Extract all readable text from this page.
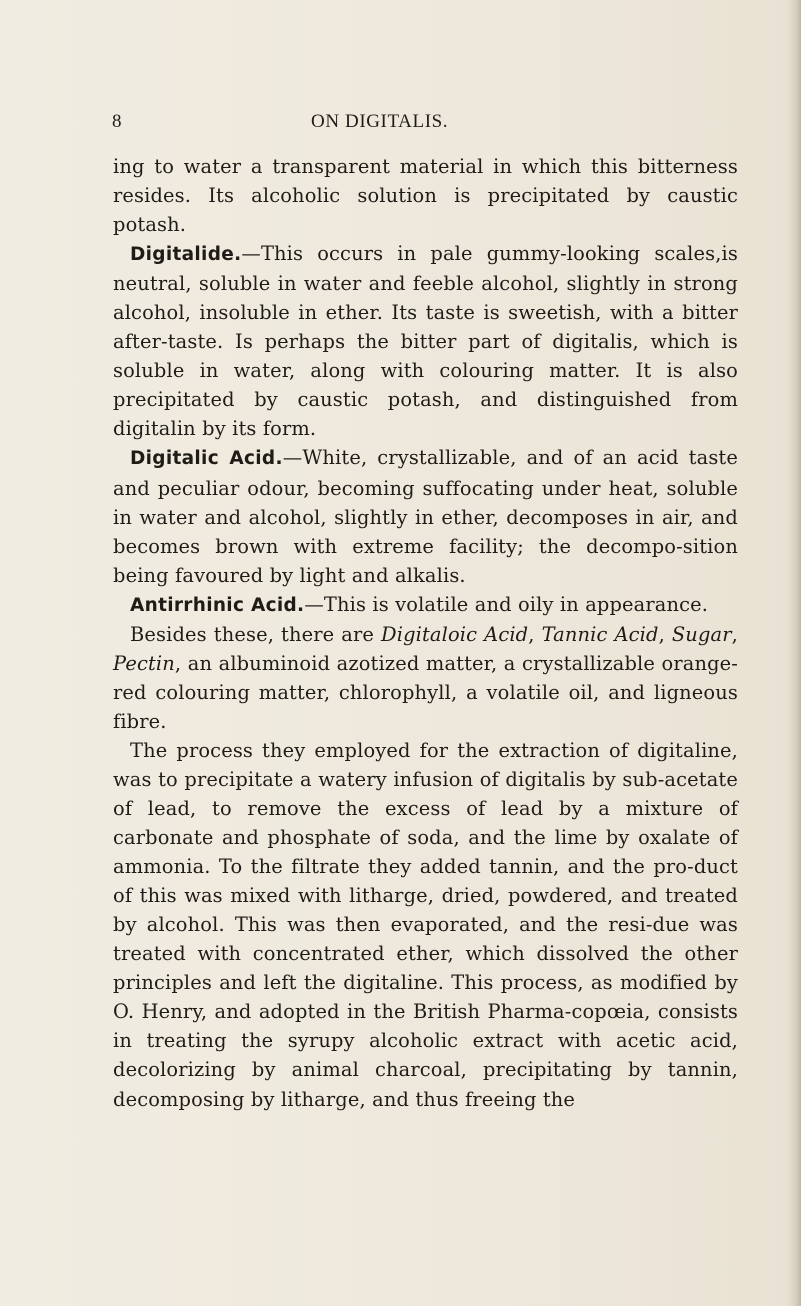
8	ON DIGITALIS.

ing to water a transparent material in which this bitterness resides. Its alcoholic solution is precipitated by caustic potash.

Digitalide.—This occurs in pale gummy-looking scales,is neutral, soluble in water and feeble alcohol, slightly in strong alcohol, insoluble in ether. Its taste is sweetish, with a bitter after-taste. Is perhaps the bitter part of digitalis, which is soluble in water, along with colouring matter. It is also precipitated by caustic potash, and distinguished from digitalin by its form.

Digitalic Acid.—White, crystallizable, and of an acid taste and peculiar odour, becoming suffocating under heat, soluble in water and alcohol, slightly in ether, decomposes in air, and becomes brown with extreme facility; the decompo-sition being favoured by light and alkalis.

Antirrhinic Acid.—This is volatile and oily in appearance.

Besides these, there are Digitaloic Acid, Tannic Acid, Sugar, Pectin, an albuminoid azotized matter, a crystallizable orange-red colouring matter, chlorophyll, a volatile oil, and ligneous fibre.

The process they employed for the extraction of digitaline, was to precipitate a watery infusion of digitalis by sub-acetate of lead, to remove the excess of lead by a mixture of carbonate and phosphate of soda, and the lime by oxalate of ammonia. To the filtrate they added tannin, and the pro-duct of this was mixed with litharge, dried, powdered, and treated by alcohol. This was then evaporated, and the resi-due was treated with concentrated ether, which dissolved the other principles and left the digitaline. This process, as modified by O. Henry, and adopted in the British Pharma-copœia, consists in treating the syrupy alcoholic extract with acetic acid, decolorizing by animal charcoal, precipitating by tannin, decomposing by litharge, and thus freeing the
